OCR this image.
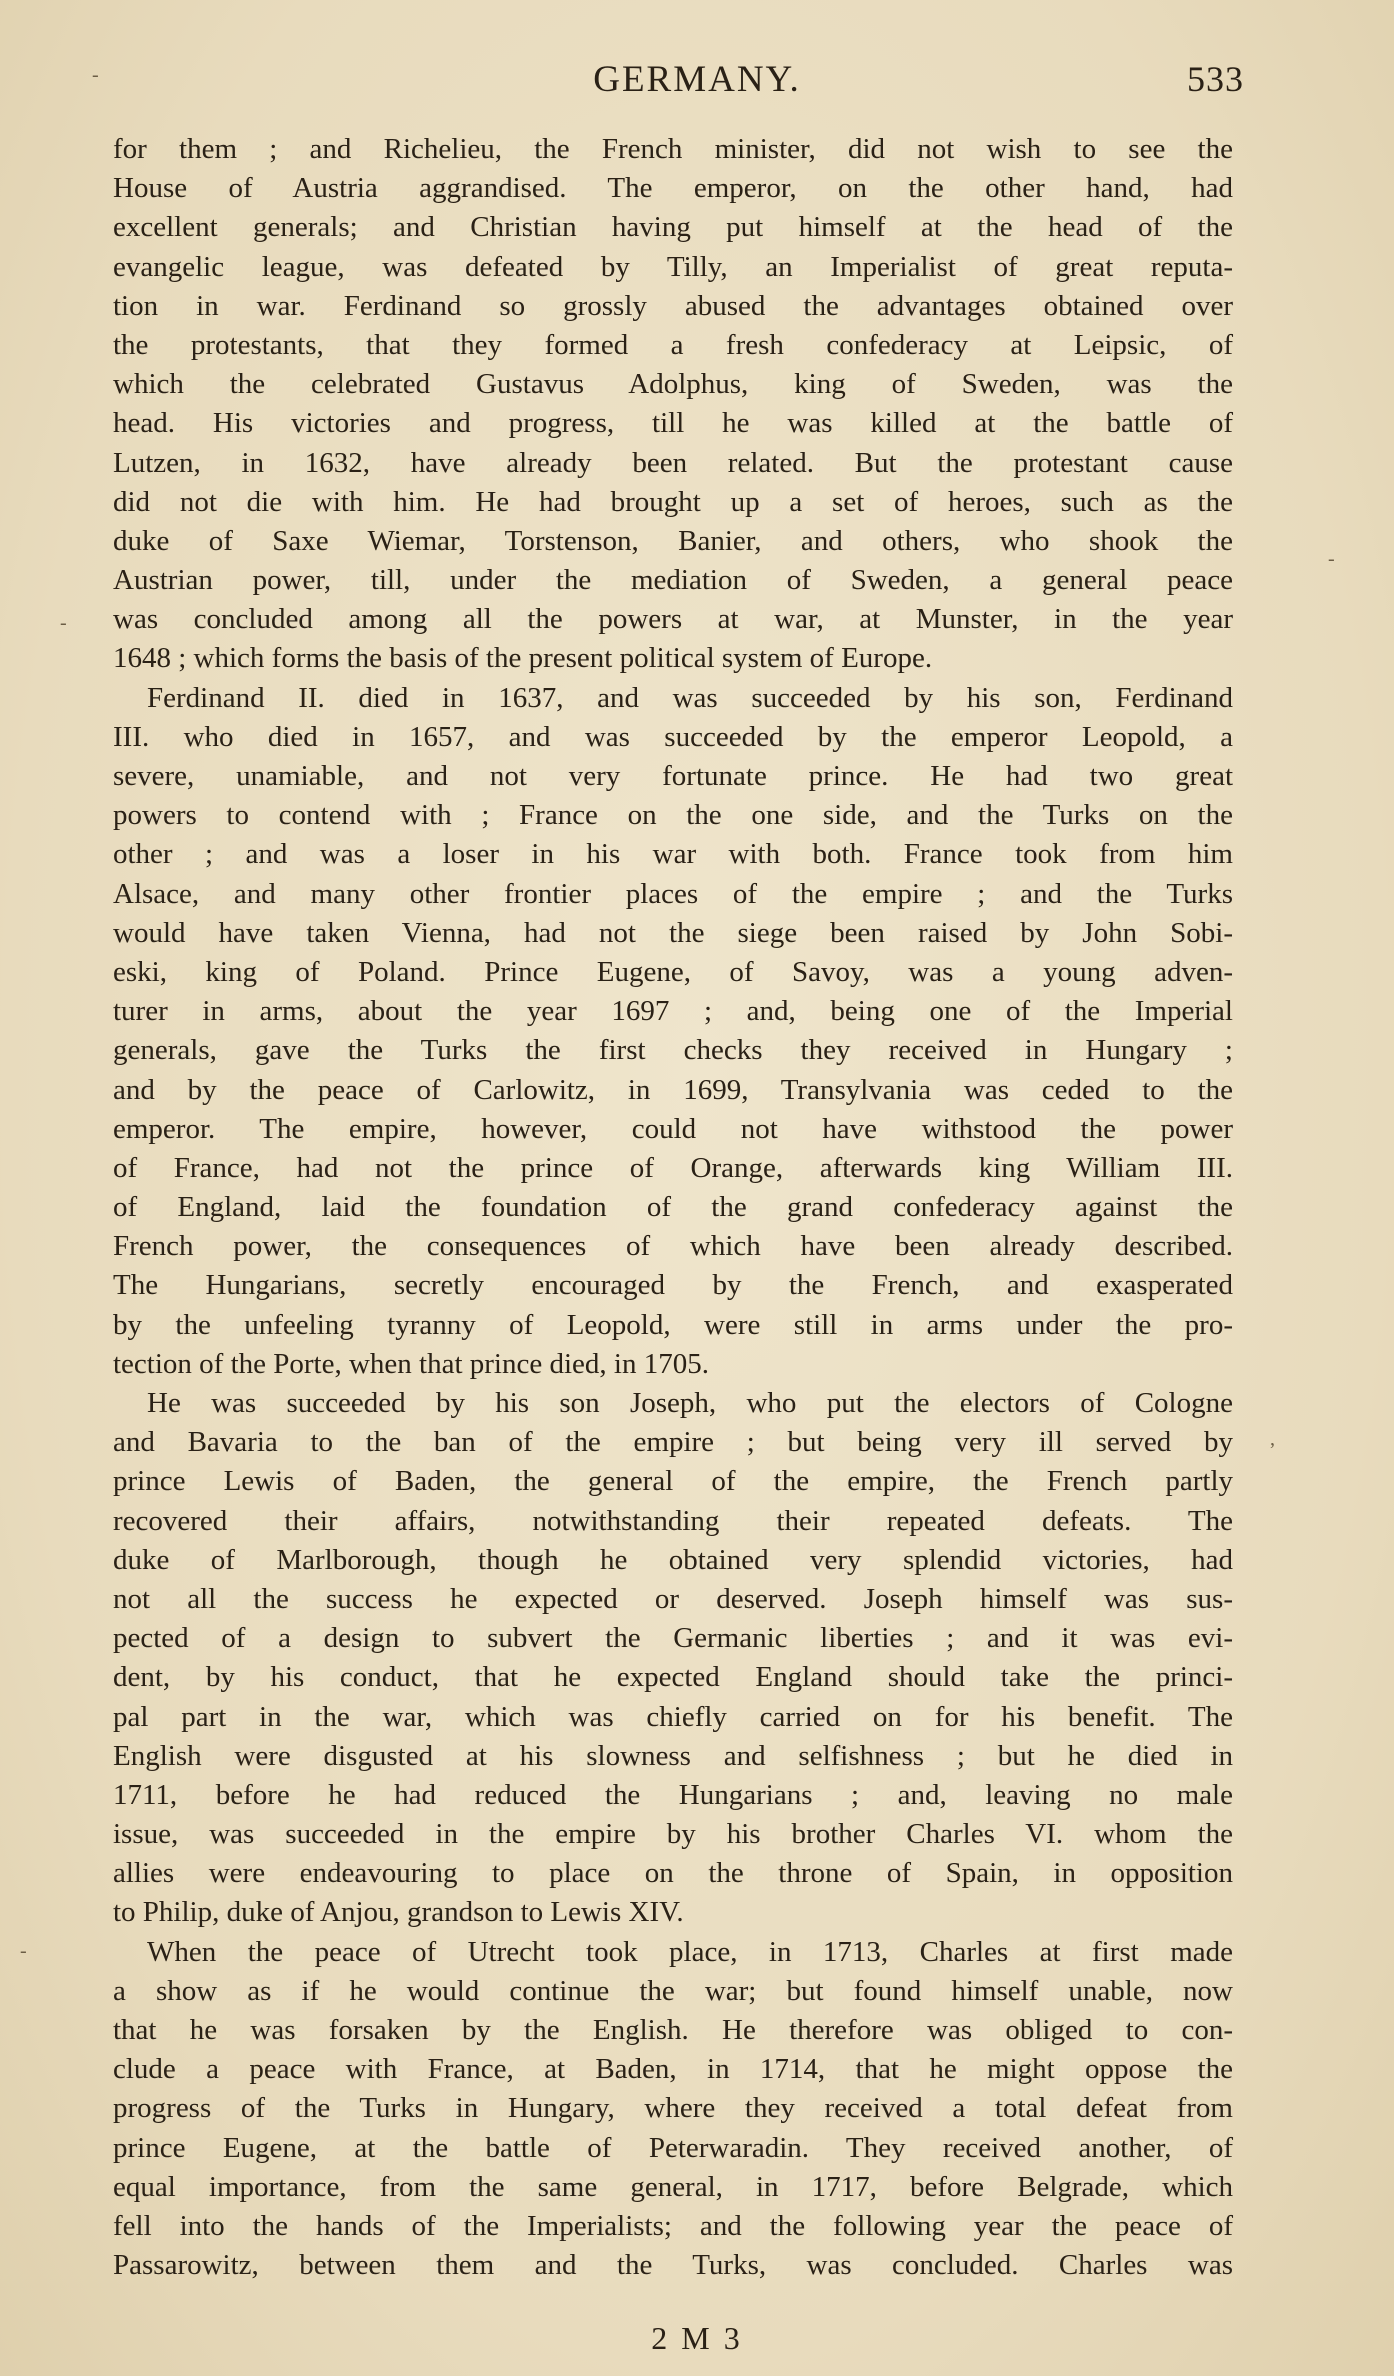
GERMANY.	533
-
-
-
,
-
for them ; and Richelieu, the French minister, did not wish to see the
House of Austria aggrandised. The emperor, on the other hand, had
excellent generals; and Christian having put himself at the head of the
evangelic league, was defeated by Tilly, an Imperialist of great reputa-
tion in war. Ferdinand so grossly abused the advantages obtained over
the protestants, that they formed a fresh confederacy at Leipsic, of
which the celebrated Gustavus Adolphus, king of Sweden, was the
head. His victories and progress, till he was killed at the battle of
Lutzen, in 1632, have already been related. But the protestant cause
did not die with him. He had brought up a set of heroes, such as the
duke of Saxe Wiemar, Torstenson, Banier, and others, who shook the
Austrian power, till, under the mediation of Sweden, a general peace
was concluded among all the powers at war, at Munster, in the year
1648 ; which forms the basis of the present political system of Europe.
Ferdinand II. died in 1637, and was succeeded by his son, Ferdinand
III. who died in 1657, and was succeeded by the emperor Leopold, a
severe, unamiable, and not very fortunate prince. He had two great
powers to contend with ; France on the one side, and the Turks on the
other ; and was a loser in his war with both. France took from him
Alsace, and many other frontier places of the empire ; and the Turks
would have taken Vienna, had not the siege been raised by John Sobi-
eski, king of Poland. Prince Eugene, of Savoy, was a young adven-
turer in arms, about the year 1697 ; and, being one of the Imperial
generals, gave the Turks the first checks they received in Hungary ;
and by the peace of Carlowitz, in 1699, Transylvania was ceded to the
emperor. The empire, however, could not have withstood the power
of France, had not the prince of Orange, afterwards king William III.
of England, laid the foundation of the grand confederacy against the
French power, the consequences of which have been already described.
The Hungarians, secretly encouraged by the French, and exasperated
by the unfeeling tyranny of Leopold, were still in arms under the pro-
tection of the Porte, when that prince died, in 1705.
He was succeeded by his son Joseph, who put the electors of Cologne
and Bavaria to the ban of the empire ; but being very ill served by
prince Lewis of Baden, the general of the empire, the French partly
recovered their affairs, notwithstanding their repeated defeats. The
duke of Marlborough, though he obtained very splendid victories, had
not all the success he expected or deserved. Joseph himself was sus-
pected of a design to subvert the Germanic liberties ; and it was evi-
dent, by his conduct, that he expected England should take the princi-
pal part in the war, which was chiefly carried on for his benefit. The
English were disgusted at his slowness and selfishness ; but he died in
1711, before he had reduced the Hungarians ; and, leaving no male
issue, was succeeded in the empire by his brother Charles VI. whom the
allies were endeavouring to place on the throne of Spain, in opposition
to Philip, duke of Anjou, grandson to Lewis XIV.
When the peace of Utrecht took place, in 1713, Charles at first made
a show as if he would continue the war; but found himself unable, now
that he was forsaken by the English. He therefore was obliged to con-
clude a peace with France, at Baden, in 1714, that he might oppose the
progress of the Turks in Hungary, where they received a total defeat from
prince Eugene, at the battle of Peterwaradin. They received another, of
equal importance, from the same general, in 1717, before Belgrade, which
fell into the hands of the Imperialists; and the following year the peace of
Passarowitz, between them and the Turks, was concluded. Charles was
2 M 3
